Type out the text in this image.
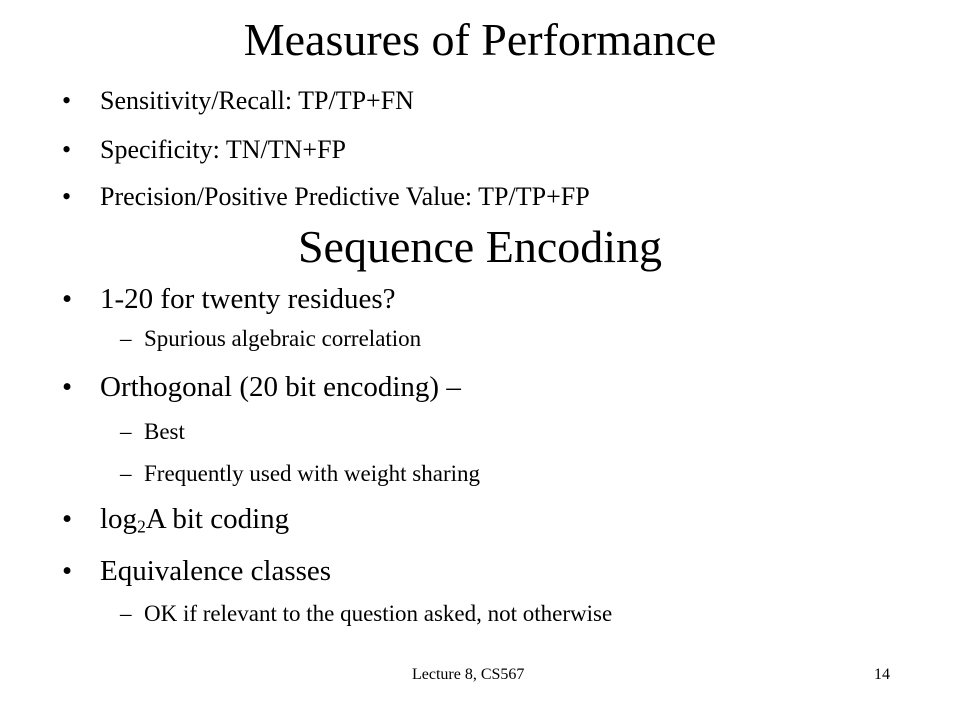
Measures of Performance
• Sensitivity/Recall: TP/TP+FN
• Specificity: TN/TN+FP
• Precision/Positive Predictive Value: TP/TP+FP
Sequence Encoding
• 1-20 for twenty residues?
– Spurious algebraic correlation
• Orthogonal (20 bit encoding) –
– Best
– Frequently used with weight sharing
• $\log_2A$ bit coding
• Equivalence classes
– OK if relevant to the question asked, not otherwise
Lecture 8, CS567	14
